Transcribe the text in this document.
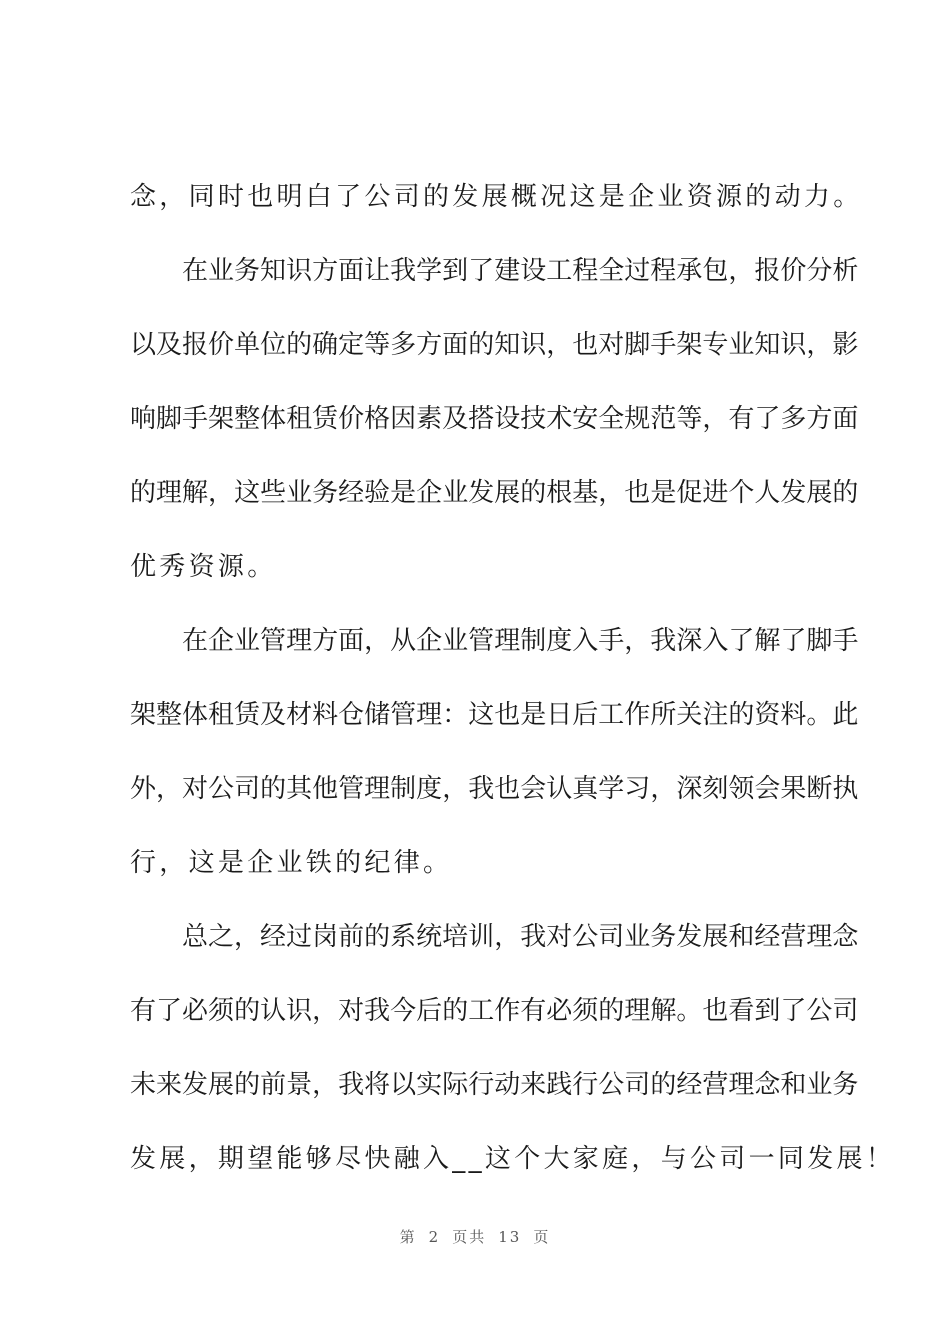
念，同时也明白了公司的发展概况这是企业资源的动力。
在 业 务 知 识 方 面 让 我 学 到 了 建 设 工 程 全 过 程 承 包 ， 报 价 分 析
以 及 报 价 单 位 的 确 定 等 多 方 面 的 知 识 ， 也 对 脚 手 架 专 业 知 识 ， 影
响 脚 手 架 整 体 租 赁 价 格 因 素 及 搭 设 技 术 安 全 规 范 等 ， 有 了 多 方 面
的 理 解 ， 这 些 业 务 经 验 是 企 业 发 展 的 根 基 ， 也 是 促 进 个 人 发 展 的
优秀资源。
在 企 业 管 理 方 面 ， 从 企 业 管 理 制 度 入 手 ， 我 深 入 了 解 了 脚 手
架 整 体 租 赁 及 材 料 仓 储 管 理 ： 这 也 是 日 后 工 作 所 关 注 的 资 料 。 此
外 ， 对 公 司 的 其 他 管 理 制 度 ， 我 也 会 认 真 学 习 ， 深 刻 领 会 果 断 执
行，这是企业铁的纪律。
总 之 ， 经 过 岗 前 的 系 统 培 训 ， 我 对 公 司 业 务 发 展 和 经 营 理 念
有 了 必 须 的 认 识 ， 对 我 今 后 的 工 作 有 必 须 的 理 解 。 也 看 到 了 公 司
未 来 发 展 的 前 景 ， 我 将 以 实 际 行 动 来 践 行 公 司 的 经 营 理 念 和 业 务
发展，期望能够尽快融入__这个大家庭，与公司一同发展！
第 2 页共 13 页
